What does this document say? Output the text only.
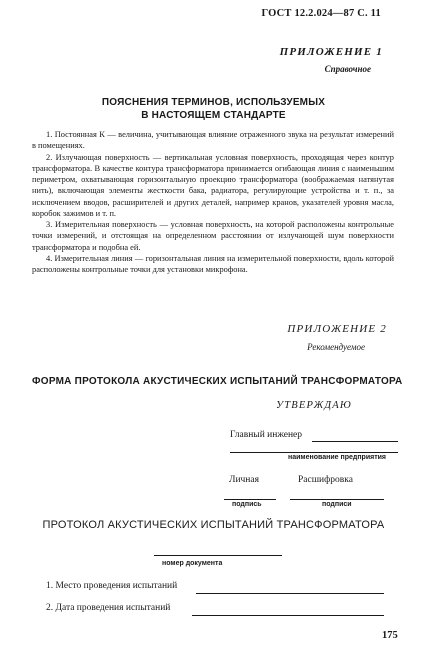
ГОСТ 12.2.024—87 С. 11
ПРИЛОЖЕНИЕ 1
Справочное
ПОЯСНЕНИЯ ТЕРМИНОВ, ИСПОЛЬЗУЕМЫХ
В НАСТОЯЩЕМ СТАНДАРТЕ

1. Постоянная К — величина, учитывающая влияние отраженного звука на результат измерений в помещениях.

2. Излучающая поверхность — вертикальная условная поверхность, проходящая через контур трансформатора. В качестве контура трансформатора принимается огибающая линия с наименьшим периметром, охватывающая горизонтальную проекцию трансформатора (воображаемая натянутая нить), включающая элементы жесткости бака, радиатора, регулирующие устройства и т. п., за исключением вводов, расширителей и других деталей, например кранов, указателей уровня масла, коробок зажимов и т. п.

3. Измерительная поверхность — условная поверхность, на которой расположены контрольные точки измерений, и отстоящая на определенном расстоянии от излучающей шум поверхности трансформатора и подобна ей.

4. Измерительная линия — горизонтальная линия на измерительной поверхности, вдоль которой расположены контрольные точки для установки микрофона.

ПРИЛОЖЕНИЕ 2
Рекомендуемое
ФОРМА ПРОТОКОЛА АКУСТИЧЕСКИХ ИСПЫТАНИЙ ТРАНСФОРМАТОРА
УТВЕРЖДАЮ
Главный инженер
наименование предприятия
Личная	Расшифровка
подпись	подписи
ПРОТОКОЛ АКУСТИЧЕСКИХ ИСПЫТАНИЙ ТРАНСФОРМАТОРА
номер документа
1. Место проведения испытаний
2. Дата проведения испытаний
175
